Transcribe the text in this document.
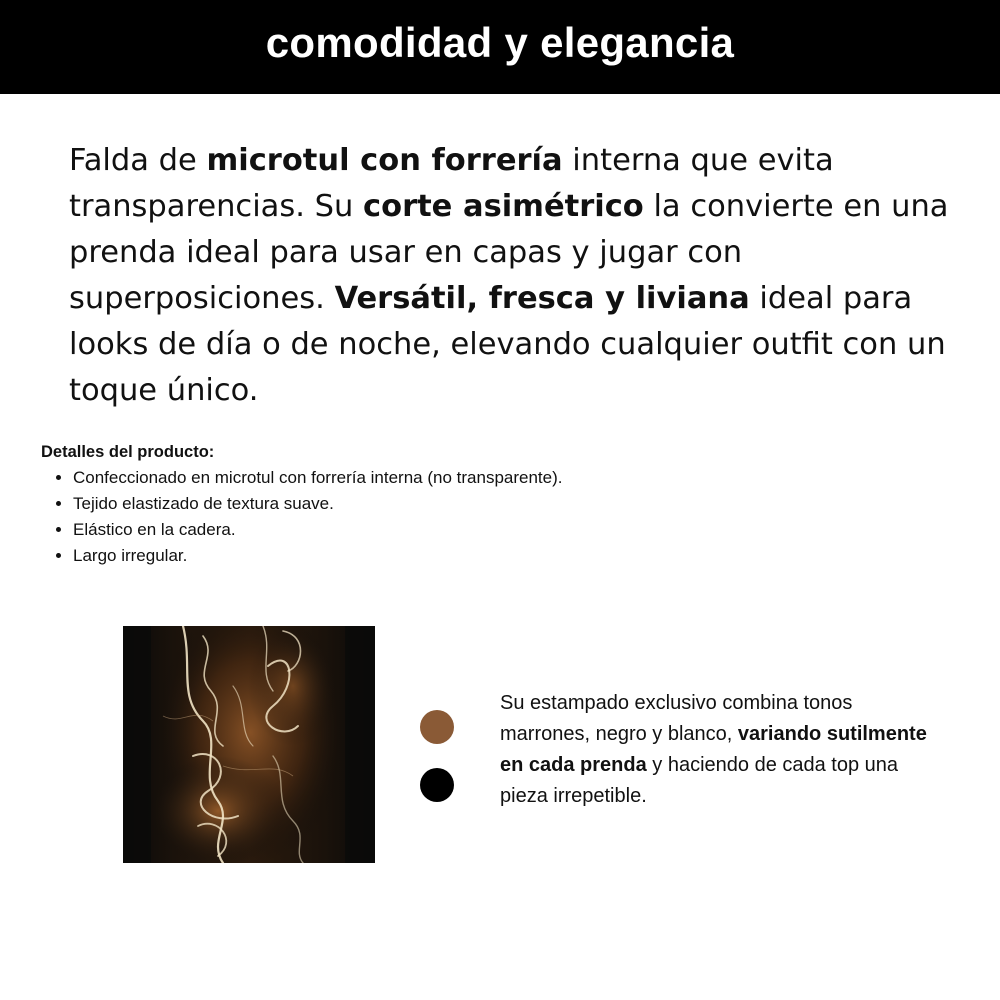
comodidad y elegancia
Falda de microtul con forrería interna que evita transparencias. Su corte asimétrico la convierte en una prenda ideal para usar en capas y jugar con superposiciones. Versátil, fresca y liviana ideal para looks de día o de noche, elevando cualquier outfit con un toque único.
Detalles del producto:
• Confeccionado en microtul con forrería interna (no transparente).
• Tejido elastizado de textura suave.
• Elástico en la cadera.
• Largo irregular.
Su estampado exclusivo combina tonos marrones, negro y blanco, variando sutilmente en cada prenda y haciendo de cada top una pieza irrepetible.
